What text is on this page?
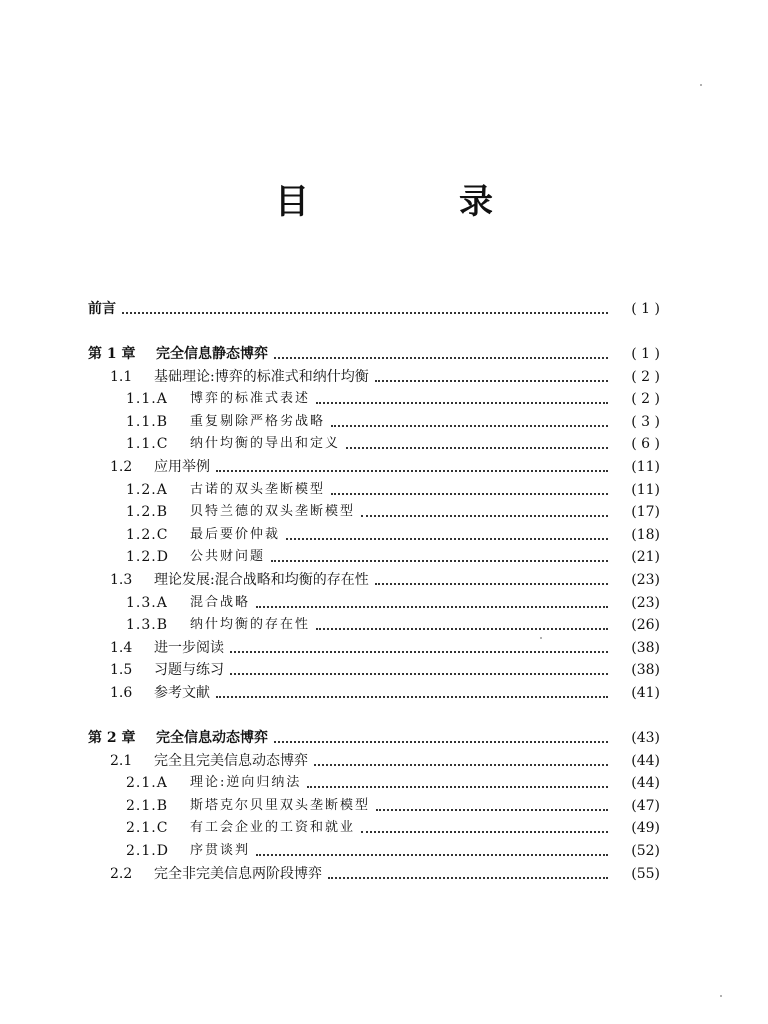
目　录
前言	( 1 )
第 1 章	完全信息静态博弈	( 1 )
1.1	基础理论:博弈的标准式和纳什均衡	( 2 )
1.1.A	博弈的标准式表述	( 2 )
1.1.B	重复剔除严格劣战略	( 3 )
1.1.C	纳什均衡的导出和定义	( 6 )
1.2	应用举例	(11)
1.2.A	古诺的双头垄断模型	(11)
1.2.B	贝特兰德的双头垄断模型	(17)
1.2.C	最后要价仲裁	(18)
1.2.D	公共财问题	(21)
1.3	理论发展:混合战略和均衡的存在性	(23)
1.3.A	混合战略	(23)
1.3.B	纳什均衡的存在性	(26)
1.4	进一步阅读	(38)
1.5	习题与练习	(38)
1.6	参考文献	(41)
第 2 章	完全信息动态博弈	(43)
2.1	完全且完美信息动态博弈	(44)
2.1.A	理论:逆向归纳法	(44)
2.1.B	斯塔克尔贝里双头垄断模型	(47)
2.1.C	有工会企业的工资和就业	(49)
2.1.D	序贯谈判	(52)
2.2	完全非完美信息两阶段博弈	(55)
